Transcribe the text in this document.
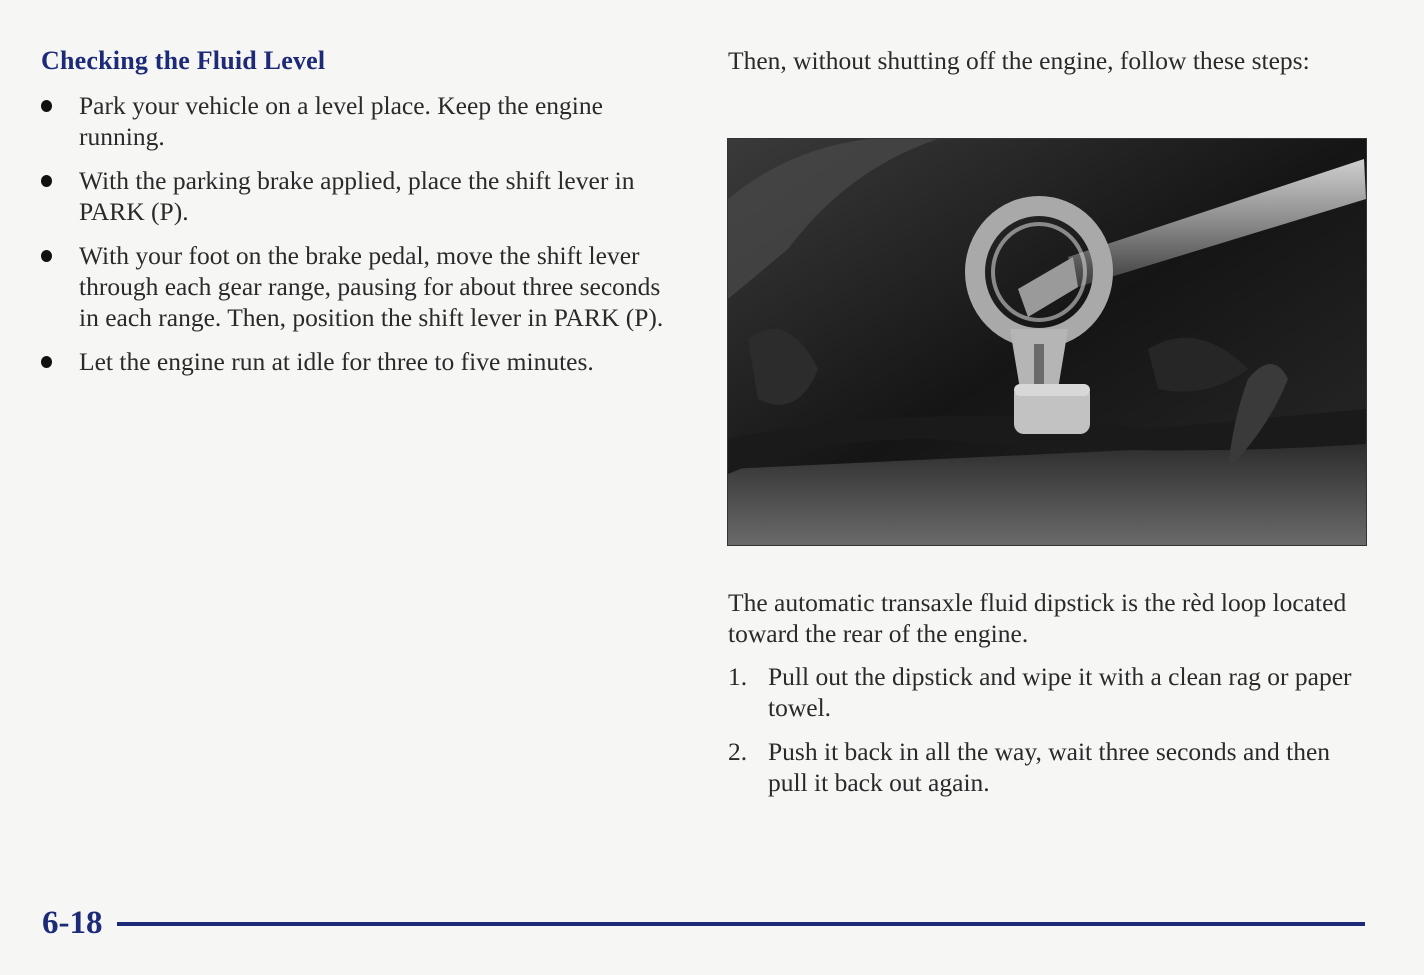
Checking the Fluid Level
Park your vehicle on a level place. Keep the engine running.
With the parking brake applied, place the shift lever in PARK (P).
With your foot on the brake pedal, move the shift lever through each gear range, pausing for about three seconds in each range. Then, position the shift lever in PARK (P).
Let the engine run at idle for three to five minutes.

Then, without shutting off the engine, follow these steps:

The automatic transaxle fluid dipstick is the rèd loop located toward the rear of the engine.

1. Pull out the dipstick and wipe it with a clean rag or paper towel.
2. Push it back in all the way, wait three seconds and then pull it back out again.
6-18
